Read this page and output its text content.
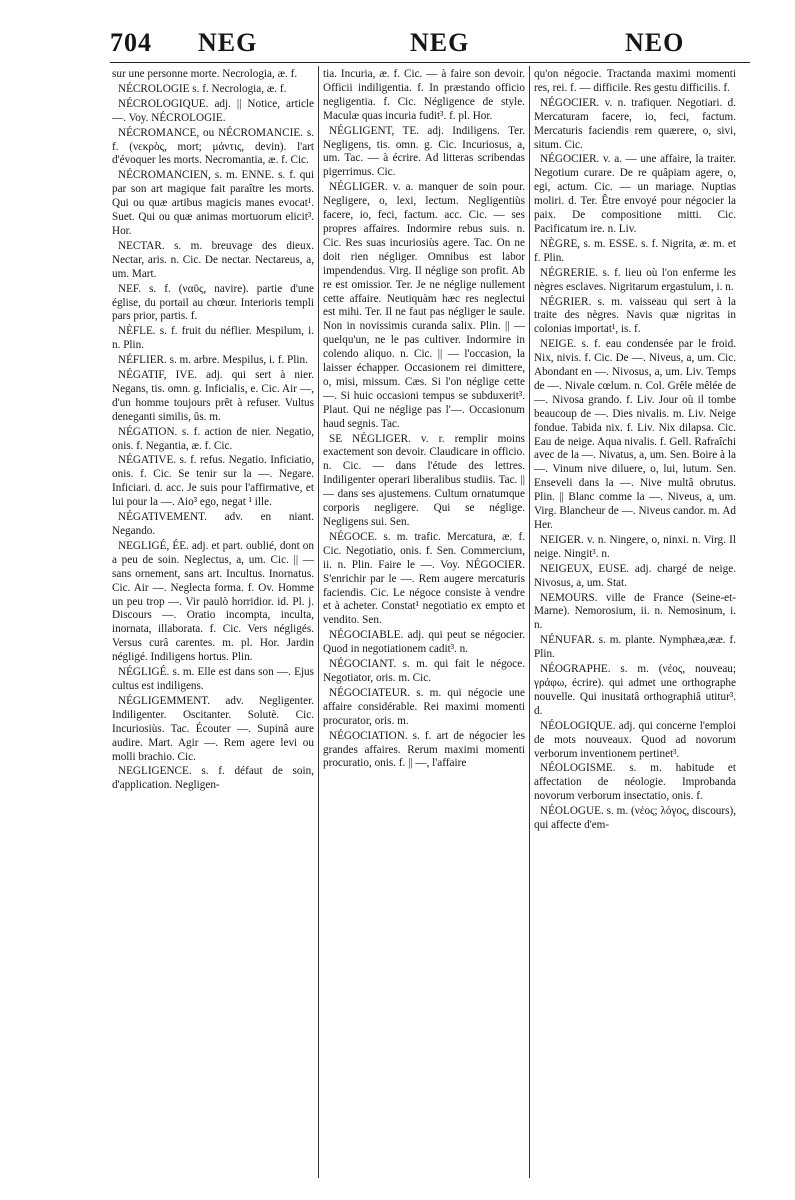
704 NEG	NEG	NEO

sur une personne morte. Necrologia, æ. f.

NÉCROLOGIE s. f. Necrologia, æ. f.

NÉCROLOGIQUE. adj. || Notice, article —. Voy. NÉCROLOGIE.

NÉCROMANCE, ou NÉCROMANCIE. s. f. (νεκρὸς, mort; μάντις, devin). l'art d'évoquer les morts. Necromantia, æ. f. Cic.

NÉCROMANCIEN, s. m. ENNE. s. f. qui par son art magique fait paraître les morts. Qui ou quæ artibus magicis manes evocat¹. Suet. Qui ou quæ animas mortuorum elicit³. Hor.

NECTAR. s. m. breuvage des dieux. Nectar, aris. n. Cic. De nectar. Nectareus, a, um. Mart.

NEF. s. f. (ναῦς, navire). partie d'une église, du portail au chœur. Interioris templi pars prior, partis. f.

NÈFLE. s. f. fruit du néflier. Mespilum, i. n. Plin.

NÉFLIER. s. m. arbre. Mespilus, i. f. Plin.

NÉGATIF, IVE. adj. qui sert à nier. Negans, tis. omn. g. Inficialis, e. Cic. Air —, d'un homme toujours prêt à refuser. Vultus deneganti similis, ûs. m.

NÉGATION. s. f. action de nier. Negatio, onis. f. Negantia, æ. f. Cic.

NÉGATIVE. s. f. refus. Negatio. Inficiatio, onis. f. Cic. Se tenir sur la —. Negare. Inficiari. d. acc. Je suis pour l'affirmative, et lui pour la —. Aio³ ego, negat ¹ ille.

NÉGATIVEMENT. adv. en niant. Negando.

NEGLIGÉ, ÉE. adj. et part. oublié, dont on a peu de soin. Neglectus, a, um. Cic. || — sans ornement, sans art. Incultus. Inornatus. Cic. Air —. Neglecta forma. f. Ov. Homme un peu trop —. Vir paulò horridior. id. Pl. j. Discours —. Oratio incompta, inculta, inornata, illaborata. f. Cic. Vers négligés. Versus curâ carentes. m. pl. Hor. Jardin négligé. Indiligens hortus. Plin.

NÉGLIGÉ. s. m. Elle est dans son —. Ejus cultus est indiligens.

NÉGLIGEMMENT. adv. Negligenter. Indiligenter. Oscitanter. Solutè. Cic. Incuriosiùs. Tac. Écouter —. Supinâ aure audire. Mart. Agir —. Rem agere levi ou molli brachio. Cic.

NEGLIGENCE. s. f. défaut de soin, d'application. Negligen-

tia. Incuria, æ. f. Cic. — à faire son devoir. Officii indiligentia. f. In præstando officio negligentia. f. Cic. Négligence de style. Maculæ quas incuria fudit³. f. pl. Hor.

NÉGLIGENT, TE. adj. Indiligens. Ter. Negligens, tis. omn. g. Cic. Incuriosus, a, um. Tac. — à écrire. Ad litteras scribendas pigerrimus. Cic.

NÉGLIGER. v. a. manquer de soin pour. Negligere, o, lexi, lectum. Negligentiùs facere, io, feci, factum. acc. Cic. — ses propres affaires. Indormire rebus suis. n. Cic. Res suas incuriosiùs agere. Tac. On ne doit rien négliger. Omnibus est labor impendendus. Virg. Il néglige son profit. Ab re est omissior. Ter. Je ne néglige nullement cette affaire. Neutiquàm hæc res neglectui est mihi. Ter. Il ne faut pas négliger le saule. Non in novissimis curanda salix. Plin. || — quelqu'un, ne le pas cultiver. Indormire in colendo aliquo. n. Cic. || — l'occasion, la laisser échapper. Occasionem rei dimittere, o, misi, missum. Cæs. Si l'on néglige cette —. Si huic occasioni tempus se subduxerit³. Plaut. Qui ne néglige pas l'—. Occasionum haud segnis. Tac.

SE NÉGLIGER. v. r. remplir moins exactement son devoir. Claudicare in officio. n. Cic. — dans l'étude des lettres. Indiligenter operari liberalibus studiis. Tac. || — dans ses ajustemens. Cultum ornatumque corporis negligere. Qui se néglige. Negligens sui. Sen.

NÉGOCE. s. m. trafic. Mercatura, æ. f. Cic. Negotiatio, onis. f. Sen. Commercium, ii. n. Plin. Faire le —. Voy. NÉGOCIER. S'enrichir par le —. Rem augere mercaturis faciendis. Cic. Le négoce consiste à vendre et à acheter. Constat¹ negotiatio ex empto et vendito. Sen.

NÉGOCIABLE. adj. qui peut se négocier. Quod in negotiationem cadit³. n.

NÉGOCIANT. s. m. qui fait le négoce. Negotiator, oris. m. Cic.

NÉGOCIATEUR. s. m. qui négocie une affaire considérable. Rei maximi momenti procurator, oris. m.

NÉGOCIATION. s. f. art de négocier les grandes affaires. Rerum maximi momenti procuratio, onis. f. || —, l'affaire

qu'on négocie. Tractanda maximi momenti res, rei. f. — difficile. Res gestu difficilis. f.

NÉGOCIER. v. n. trafiquer. Negotiari. d. Mercaturam facere, io, feci, factum. Mercaturis faciendis rem quærere, o, sivi, situm. Cic.

NÉGOCIER. v. a. — une affaire, la traiter. Negotium curare. De re quâpiam agere, o, egi, actum. Cic. — un mariage. Nuptias moliri. d. Ter. Être envoyé pour négocier la paix. De compositione mitti. Cic. Pacificatum ire. n. Liv.

NÈGRE, s. m. ESSE. s. f. Nigrita, æ. m. et f. Plin.

NÉGRERIE. s. f. lieu où l'on enferme les nègres esclaves. Nigritarum ergastulum, i. n.

NÉGRIER. s. m. vaisseau qui sert à la traite des nègres. Navis quæ nigritas in colonias importat¹, is. f.

NEIGE. s. f. eau condensée par le froid. Nix, nivis. f. Cic. De —. Niveus, a, um. Cic. Abondant en —. Nivosus, a, um. Liv. Temps de —. Nivale cœlum. n. Col. Grêle mêlée de —. Nivosa grando. f. Liv. Jour où il tombe beaucoup de —. Dies nivalis. m. Liv. Neige fondue. Tabida nix. f. Liv. Nix dilapsa. Cic. Eau de neige. Aqua nivalis. f. Gell. Rafraîchi avec de la —. Nivatus, a, um. Sen. Boire à la —. Vinum nive diluere, o, lui, lutum. Sen. Enseveli dans la —. Nive multâ obrutus. Plin. || Blanc comme la —. Niveus, a, um. Virg. Blancheur de —. Niveus candor. m. Ad Her.

NEIGER. v. n. Ningere, o, ninxi. n. Virg. Il neige. Ningit³. n.

NEIGEUX, EUSE. adj. chargé de neige. Nivosus, a, um. Stat.

NEMOURS. ville de France (Seine-et-Marne). Nemorosium, ii. n. Nemosinum, i. n.

NÉNUFAR. s. m. plante. Nymphæa,ææ. f. Plin.

NÉOGRAPHE. s. m. (νέος, nouveau; γράφω, écrire). qui admet une orthographe nouvelle. Qui inusitatâ orthographiâ utitur³. d.

NÉOLOGIQUE. adj. qui concerne l'emploi de mots nouveaux. Quod ad novorum verborum inventionem pertinet³.

NÉOLOGISME. s. m. habitude et affectation de néologie. Improbanda novorum verborum insectatio, onis. f.

NÉOLOGUE. s. m. (νέος; λόγος, discours), qui affecte d'em-
